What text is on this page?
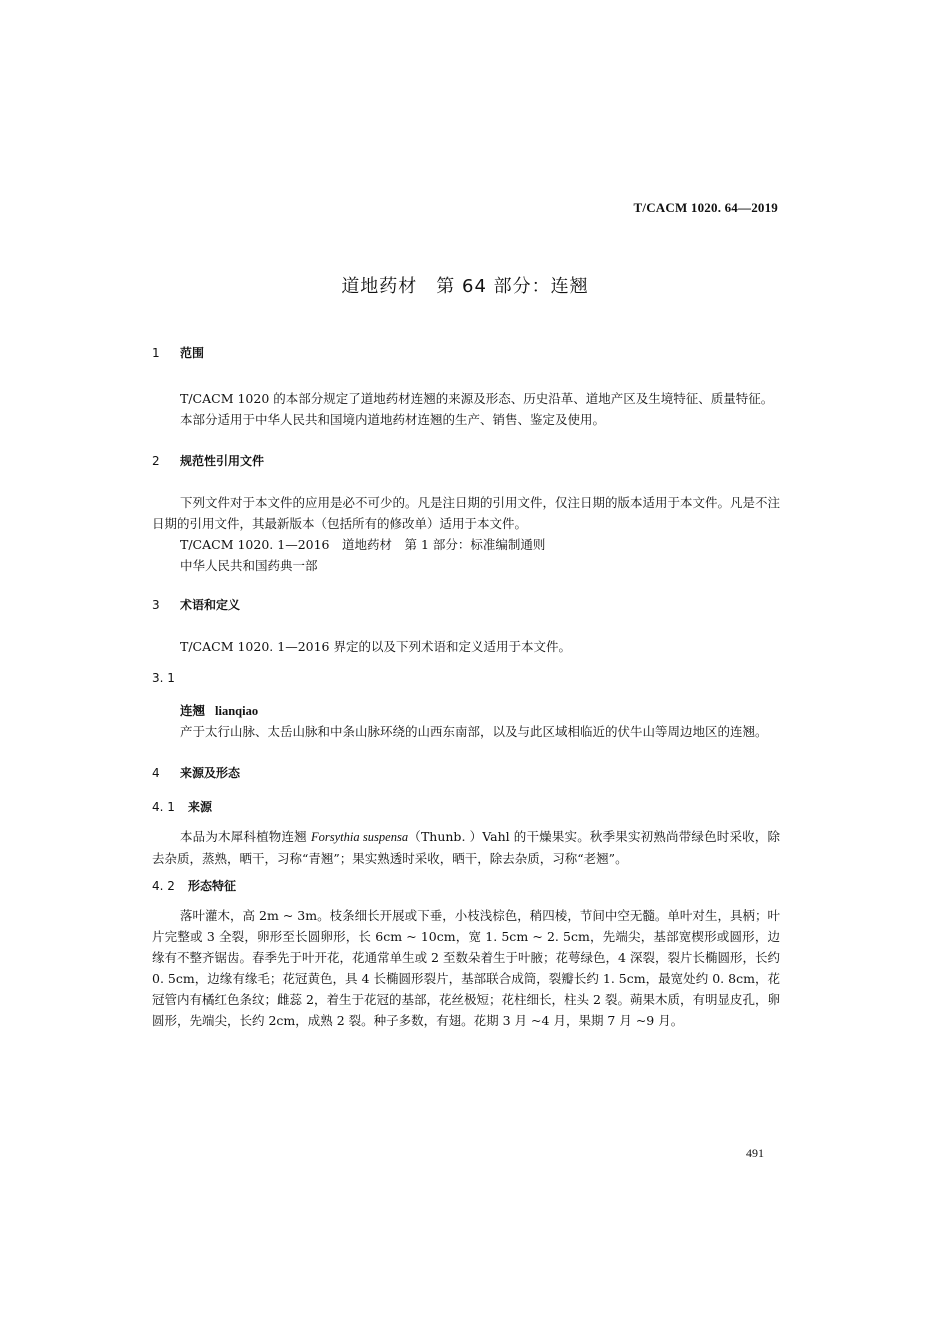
T/CACM 1020. 64—2019
道地药材　第 64 部分：连翘
1 范围

T/CACM 1020 的本部分规定了道地药材连翘的来源及形态、历史沿革、道地产区及生境特征、质量特征。

本部分适用于中华人民共和国境内道地药材连翘的生产、销售、鉴定及使用。

2 规范性引用文件

下列文件对于本文件的应用是必不可少的。凡是注日期的引用文件，仅注日期的版本适用于本文件。凡是不注日期的引用文件，其最新版本（包括所有的修改单）适用于本文件。

T/CACM 1020. 1—2016　道地药材　第 1 部分：标准编制通则

中华人民共和国药典一部

3 术语和定义

T/CACM 1020. 1—2016 界定的以及下列术语和定义适用于本文件。

3. 1
连翘 lianqiao

产于太行山脉、太岳山脉和中条山脉环绕的山西东南部，以及与此区域相临近的伏牛山等周边地区的连翘。

4 来源及形态
4. 1 来源

本品为木犀科植物连翘 Forsythia suspensa（Thunb. ）Vahl 的干燥果实。秋季果实初熟尚带绿色时采收，除去杂质，蒸熟，晒干，习称“青翘”；果实熟透时采收，晒干，除去杂质，习称“老翘”。

4. 2 形态特征

落叶灌木，高 2m ~ 3m。枝条细长开展或下垂，小枝浅棕色，稍四棱，节间中空无髓。单叶对生，具柄；叶片完整或 3 全裂，卵形至长圆卵形，长 6cm ~ 10cm，宽 1. 5cm ~ 2. 5cm，先端尖，基部宽楔形或圆形，边缘有不整齐锯齿。春季先于叶开花，花通常单生或 2 至数朵着生于叶腋；花萼绿色，4 深裂，裂片长椭圆形，长约 0. 5cm，边缘有缘毛；花冠黄色，具 4 长椭圆形裂片，基部联合成筒，裂瓣长约 1. 5cm，最宽处约 0. 8cm，花冠管内有橘红色条纹；雌蕊 2，着生于花冠的基部，花丝极短；花柱细长，柱头 2 裂。蒴果木质，有明显皮孔，卵圆形，先端尖，长约 2cm，成熟 2 裂。种子多数，有翅。花期 3 月 ~4 月，果期 7 月 ~9 月。

491
